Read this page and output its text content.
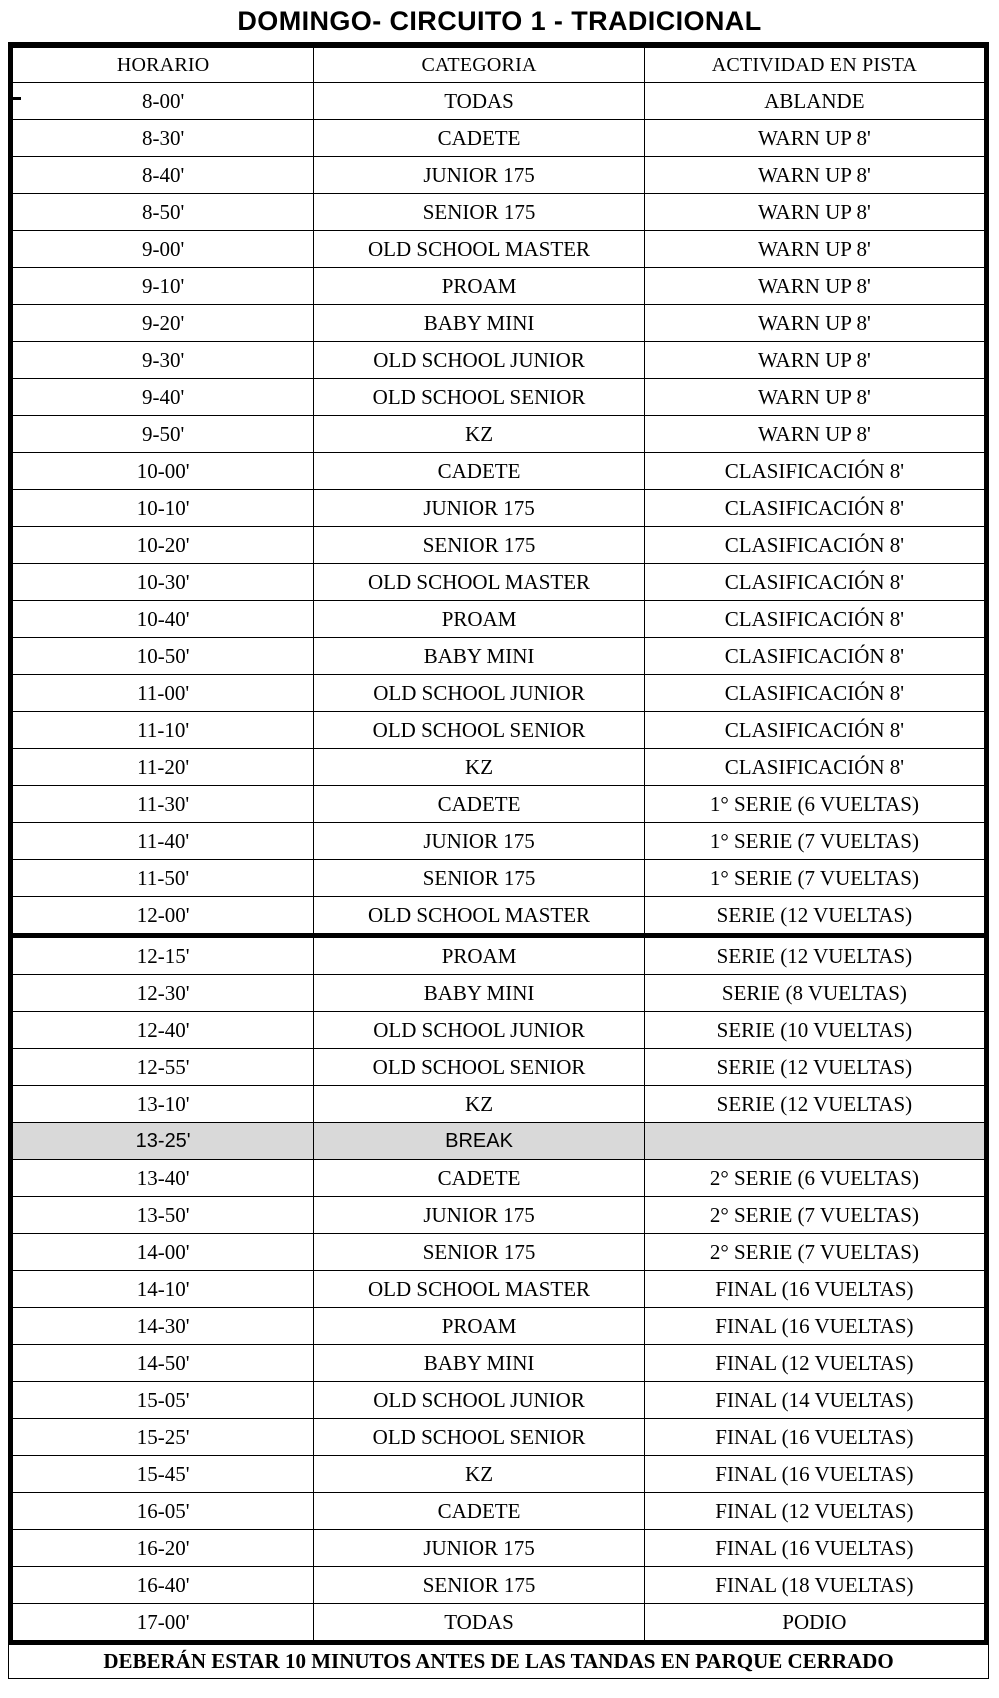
DOMINGO- CIRCUITO 1 - TRADICIONAL
HORARIO	CATEGORIA	ACTIVIDAD EN PISTA
8-00'	TODAS	ABLANDE
8-30'	CADETE	WARN UP 8'
8-40'	JUNIOR 175	WARN UP 8'
8-50'	SENIOR 175	WARN UP 8'
9-00'	OLD SCHOOL MASTER	WARN UP 8'
9-10'	PROAM	WARN UP 8'
9-20'	BABY MINI	WARN UP 8'
9-30'	OLD SCHOOL JUNIOR	WARN UP 8'
9-40'	OLD SCHOOL SENIOR	WARN UP 8'
9-50'	KZ	WARN UP 8'
10-00'	CADETE	CLASIFICACIÓN 8'
10-10'	JUNIOR 175	CLASIFICACIÓN 8'
10-20'	SENIOR 175	CLASIFICACIÓN 8'
10-30'	OLD SCHOOL MASTER	CLASIFICACIÓN 8'
10-40'	PROAM	CLASIFICACIÓN 8'
10-50'	BABY MINI	CLASIFICACIÓN 8'
11-00'	OLD SCHOOL JUNIOR	CLASIFICACIÓN 8'
11-10'	OLD SCHOOL SENIOR	CLASIFICACIÓN 8'
11-20'	KZ	CLASIFICACIÓN 8'
11-30'	CADETE	1° SERIE (6 VUELTAS)
11-40'	JUNIOR 175	1° SERIE (7 VUELTAS)
11-50'	SENIOR 175	1° SERIE (7 VUELTAS)
12-00'	OLD SCHOOL MASTER	SERIE (12 VUELTAS)
12-15'	PROAM	SERIE (12 VUELTAS)
12-30'	BABY MINI	SERIE (8 VUELTAS)
12-40'	OLD SCHOOL JUNIOR	SERIE (10 VUELTAS)
12-55'	OLD SCHOOL SENIOR	SERIE (12 VUELTAS)
13-10'	KZ	SERIE (12 VUELTAS)
13-25'	BREAK	
13-40'	CADETE	2° SERIE (6 VUELTAS)
13-50'	JUNIOR 175	2° SERIE (7 VUELTAS)
14-00'	SENIOR 175	2° SERIE (7 VUELTAS)
14-10'	OLD SCHOOL MASTER	FINAL (16 VUELTAS)
14-30'	PROAM	FINAL (16 VUELTAS)
14-50'	BABY MINI	FINAL (12 VUELTAS)
15-05'	OLD SCHOOL JUNIOR	FINAL (14 VUELTAS)
15-25'	OLD SCHOOL SENIOR	FINAL (16 VUELTAS)
15-45'	KZ	FINAL (16 VUELTAS)
16-05'	CADETE	FINAL (12 VUELTAS)
16-20'	JUNIOR 175	FINAL (16 VUELTAS)
16-40'	SENIOR 175	FINAL (18 VUELTAS)
17-00'	TODAS	PODIO
DEBERÁN ESTAR 10 MINUTOS ANTES DE LAS TANDAS EN PARQUE CERRADO
